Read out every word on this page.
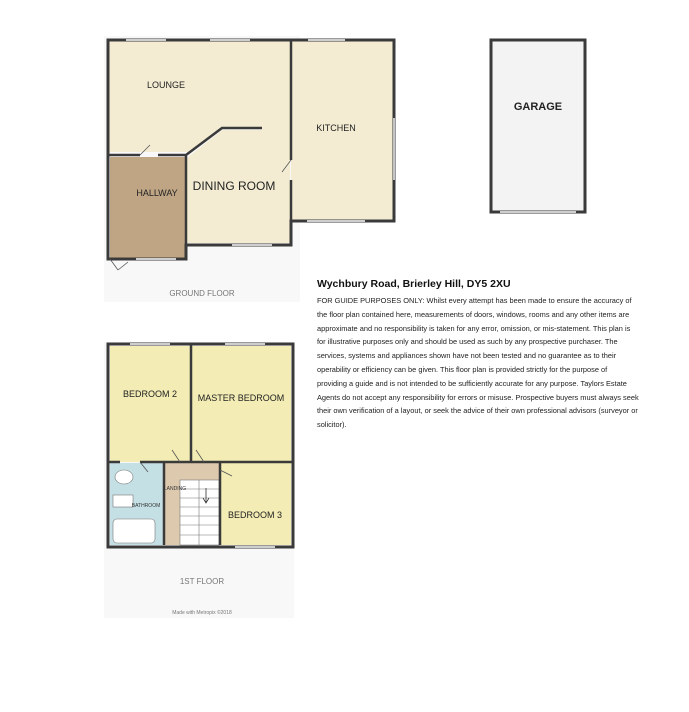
LOUNGE
KITCHEN
HALLWAY DINING ROOM
GROUND FLOOR
GARAGE
BEDROOM 2 MASTER BEDROOM
BATHROOM
LANDING
BEDROOM 3
1ST FLOOR
Made with Metropix ©2018
Wychbury Road, Brierley Hill, DY5 2XU

FOR GUIDE PURPOSES ONLY: Whilst every attempt has been made to ensure the accuracy of the floor plan contained here, measurements of doors, windows, rooms and any other items are approximate and no responsibility is taken for any error, omission, or mis-statement. This plan is for illustrative purposes only and should be used as such by any prospective purchaser. The services, systems and appliances shown have not been tested and no guarantee as to their operability or efficiency can be given. This floor plan is provided strictly for the purpose of providing a guide and is not intended to be sufficiently accurate for any purpose. Taylors Estate Agents do not accept any responsibility for errors or misuse. Prospective buyers must always seek their own verification of a layout, or seek the advice of their own professional advisors (surveyor or solicitor).
